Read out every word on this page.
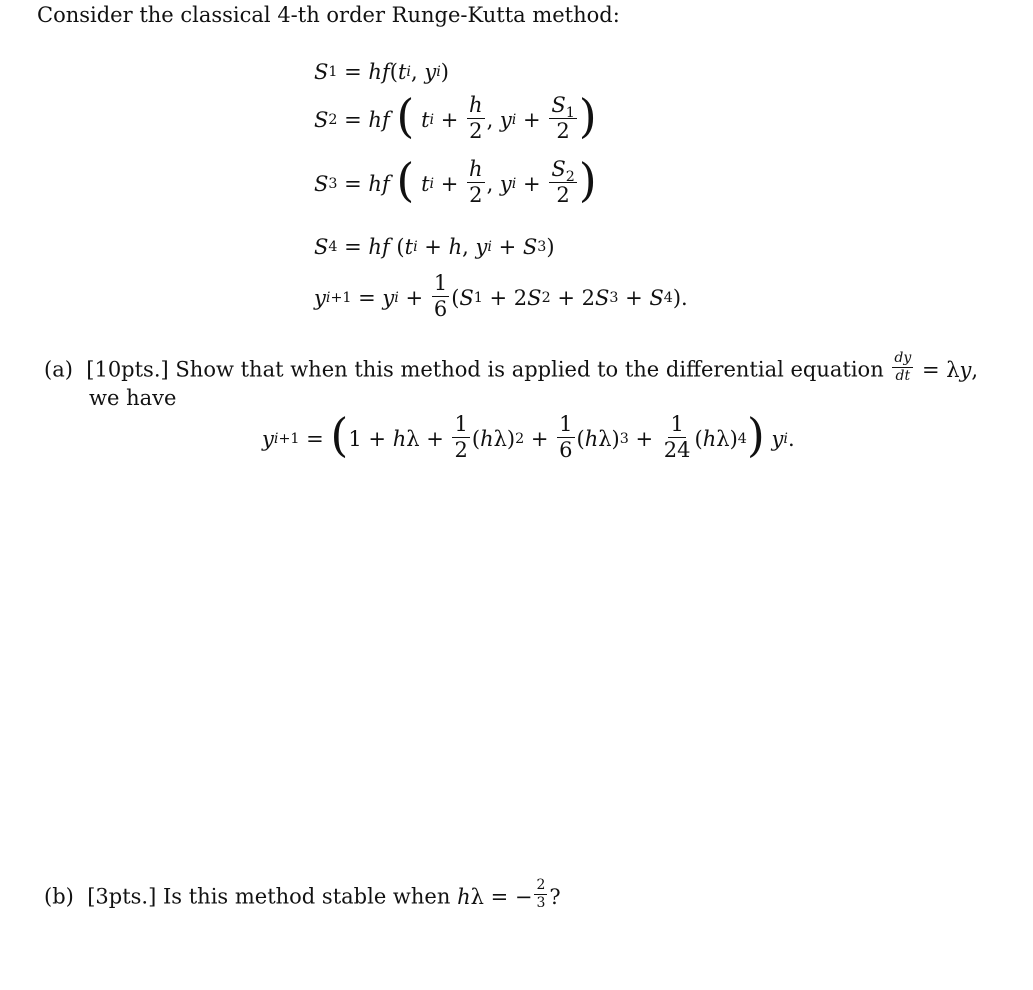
Consider the classical 4-th order Runge-Kutta method:
S 1 = hf ( t i , y i )
S 2 = hf
(
t $i + \frac{h}{2}$ , y $i + \frac{S_1}{2}$ )
S 3 = hf
(
t $i + \frac{h}{2}$ , y $i + \frac{S_2}{2}$ )
S 4 = hf ( t i + h , y i + S 3 )
y i+1 = y $i + \frac{1}{6}$ ( S 1 + 2 S 2 + 2 S 3 + S 4 ).
(a) [10pts.] Show that when this method is applied to the differential equation $\frac{dy}{dt} = \lambda y$,
we have
y i+1 = ( 1 + h $\lambda + \frac{1}{2}$ ( h λ) $2 + \frac{1}{6}$ ( h λ) $3 + \frac{1}{24}$ ( h λ) 4 )
y i .
(b) [3pts.] Is this method stable when hλ = − $\frac{2}{3}$ ?
